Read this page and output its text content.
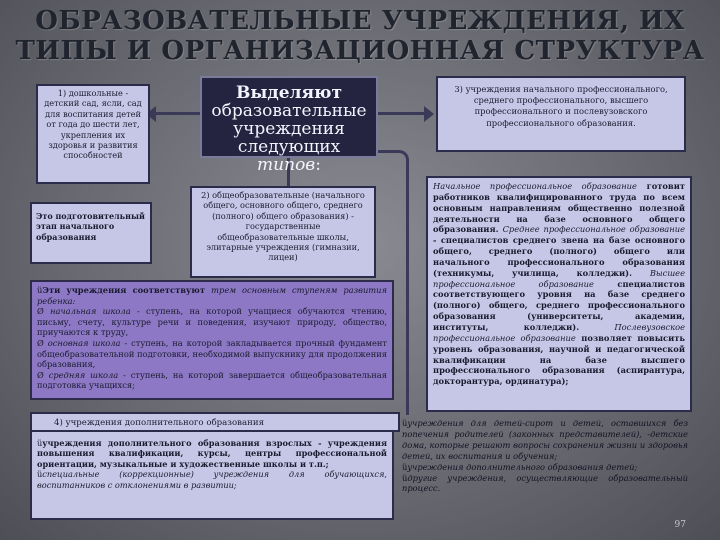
ОБРАЗОВАТЕЛЬНЫЕ УЧРЕЖДЕНИЯ, ИХ
ТИПЫ И ОРГАНИЗАЦИОННАЯ СТРУКТУРА
1) дошкольные - детский сад, ясли, сад для воспитания детей от года до шести лет, укрепления их здоровья и развития способностей
Это подготовительный этап начального образования
Выделяют
образовательные
учреждения
следующих типов:
3) учреждения начального профессионального, среднего профессионального, высшего профессионального и послевузовского профессионального образования.
2) общеобразовательные (начального общего, основного общего, среднего (полного) общего образования) - государственные общеобразовательные школы, элитарные учреждения (гимназии, лицеи)
üЭти учреждения соответствуют трем основным ступеням развития ребенка:
Ø начальная школа - ступень, на которой учащиеся обучаются чтению, письму, счету, культуре речи и поведения, изучают природу, общество, приучаются к труду,
Ø основная школа - ступень, на которой закладывается прочный фундамент общеобразовательной подготовки, необходимой выпускнику для продолжения образования,
Ø средняя школа - ступень, на которой завершается общеобразовательная подготовка учащихся;
Начальное профессиональное образование готовит работников квалифицированного труда по всем основным направлениям общественно полезной деятельности на базе основного общего образования. Среднее профессиональное образование - специалистов среднего звена на базе основного общего, среднего (полного) общего или начального профессионального образования (техникумы, училища, колледжи). Высшее профессиональное образование специалистов соответствующего уровня на базе среднего (полного) общего, среднего профессионального образования (университеты, академии, институты, колледжи). Послевузовское профессиональное образование позволяет повысить уровень образования, научной и педагогической квалификации на базе высшего профессионального образования (аспирантура, докторантура, ординатура);
4) учреждения дополнительного образования
üучреждения дополнительного образования взрослых - учреждения повышения квалификации, курсы, центры профессиональной ориентации, музыкальные и художественные школы и т.п.;
üспециальные (коррекционные) учреждения для обучающихся, воспитанников с отклонениями в развитии;
üучреждения для детей-сирот и детей, оставшихся без попечения родителей (законных представителей), -детские дома, которые решают вопросы сохранения жизни и здоровья детей, их воспитания и обучения;
üучреждения дополнительного образования детей;
üдругие учреждения, осуществляющие образовательный процесс.
97
